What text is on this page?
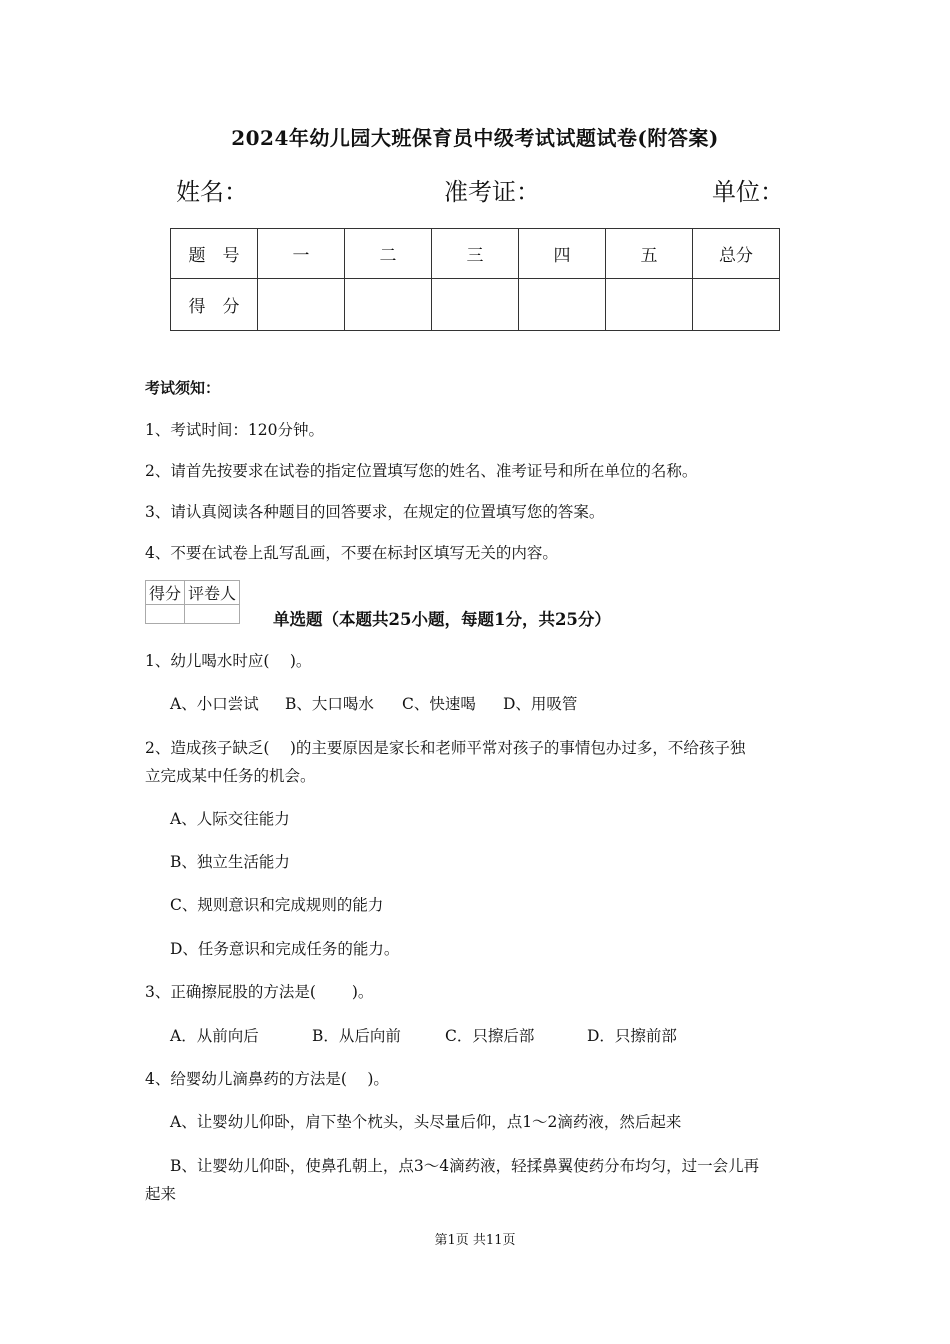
2024年幼儿园大班保育员中级考试试题试卷(附答案)
姓名：	准考证：	单位：
题　号	一	二	三	四	五	总分
得　分						
考试须知：
1、考试时间：120分钟。
2、请首先按要求在试卷的指定位置填写您的姓名、准考证号和所在单位的名称。
3、请认真阅读各种题目的回答要求，在规定的位置填写您的答案。
4、不要在试卷上乱写乱画，不要在标封区填写无关的内容。
得分	评卷人

单选题（本题共25小题，每题1分，共25分）
1、幼儿喝水时应(　 )。
A、小口尝试 B、大口喝水 C、快速喝 D、用吸管
2、造成孩子缺乏(　 )的主要原因是家长和老师平常对孩子的事情包办过多，不给孩子独
立完成某中任务的机会。
A、人际交往能力
B、独立生活能力
C、规则意识和完成规则的能力
D、任务意识和完成任务的能力。
3、正确擦屁股的方法是(　 　)。
A．从前向后	B．从后向前	C．只擦后部	D．只擦前部
4、给婴幼儿滴鼻药的方法是(　 )。
A、让婴幼儿仰卧，肩下垫个枕头，头尽量后仰，点1～2滴药液，然后起来
B、让婴幼儿仰卧，使鼻孔朝上，点3～4滴药液，轻揉鼻翼使药分布均匀，过一会儿再
起来
第1页 共11页
